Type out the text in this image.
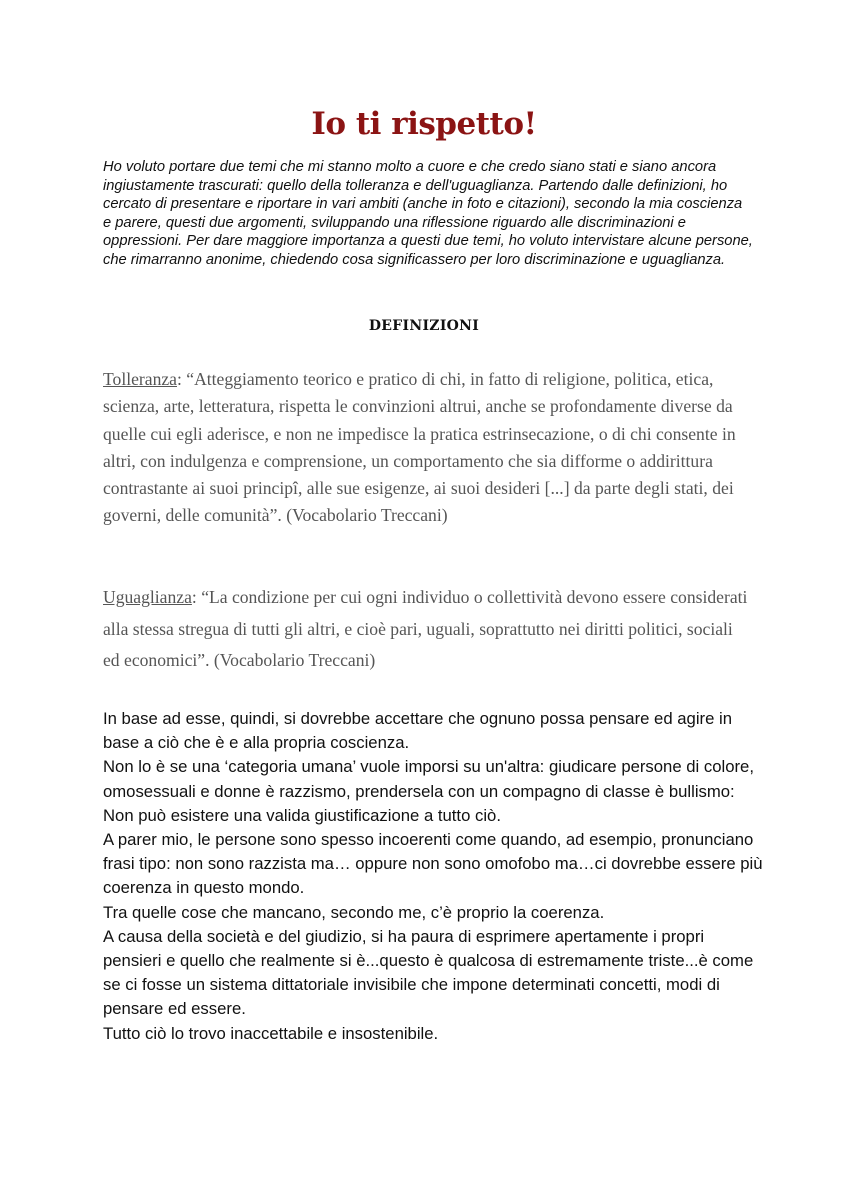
Io ti rispetto!

Ho voluto portare due temi che mi stanno molto a cuore e che credo siano stati e siano ancora ingiustamente trascurati: quello della tolleranza e dell'uguaglianza. Partendo dalle definizioni, ho cercato di presentare e riportare in vari ambiti (anche in foto e citazioni), secondo la mia coscienza e parere, questi due argomenti, sviluppando una riflessione riguardo alle discriminazioni e oppressioni. Per dare maggiore importanza a questi due temi, ho voluto intervistare alcune persone, che rimarranno anonime, chiedendo cosa significassero per loro discriminazione e uguaglianza.

DEFINIZIONI

Tolleranza: “Atteggiamento teorico e pratico di chi, in fatto di religione, politica, etica, scienza, arte, letteratura, rispetta le convinzioni altrui, anche se profondamente diverse da quelle cui egli aderisce, e non ne impedisce la pratica estrinsecazione, o di chi consente in altri, con indulgenza e comprensione, un comportamento che sia difforme o addirittura contrastante ai suoi principî, alle sue esigenze, ai suoi desideri [...] da parte degli stati, dei governi, delle comunità”. (Vocabolario Treccani)

Uguaglianza: “La condizione per cui ogni individuo o collettività devono essere considerati alla stessa stregua di tutti gli altri, e cioè pari, uguali, soprattutto nei diritti politici, sociali ed economici”. (Vocabolario Treccani)

In base ad esse, quindi, si dovrebbe accettare che ognuno possa pensare ed agire in base a ciò che è e alla propria coscienza.
Non lo è se una ‘categoria umana’ vuole imporsi su un'altra: giudicare persone di colore, omosessuali e donne è razzismo, prendersela con un compagno di classe è bullismo: Non può esistere una valida giustificazione a tutto ciò.
A parer mio, le persone sono spesso incoerenti come quando, ad esempio, pronunciano frasi tipo: non sono razzista ma… oppure non sono omofobo ma…ci dovrebbe essere più coerenza in questo mondo.
Tra quelle cose che mancano, secondo me, c’è proprio la coerenza.
A causa della società e del giudizio, si ha paura di esprimere apertamente i propri pensieri e quello che realmente si è...questo è qualcosa di estremamente triste...è come se ci fosse un sistema dittatoriale invisibile che impone determinati concetti, modi di pensare ed essere.
Tutto ciò lo trovo inaccettabile e insostenibile.
